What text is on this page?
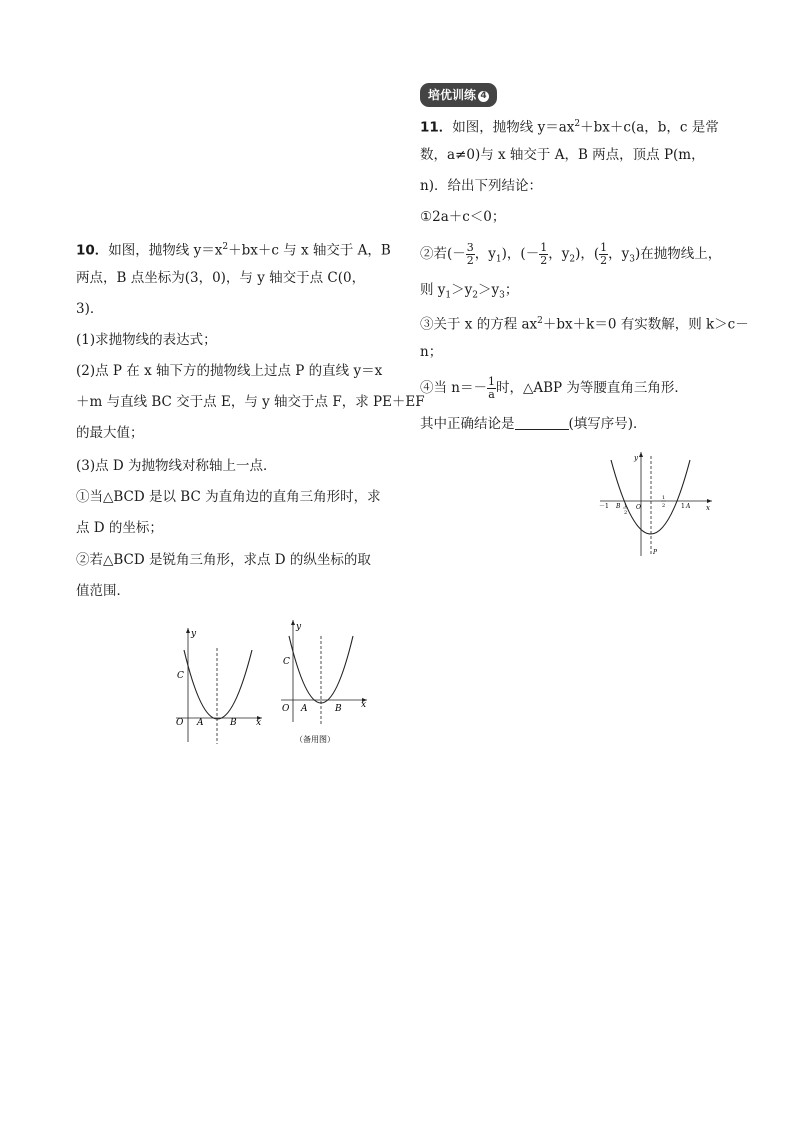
培优训练 4
11．如图，抛物线 $y=ax^2+bx+c(a$，b，c 是常
数，a≠0)与 x 轴交于 A，B 两点，顶点 P(m，
n)．给出下列结论：
①2a＋c＜0；
②若(－ $\frac{3}{2}$ ，$y_1$)，(－ $\frac{1}{2}$ ，$y_2$)，( $\frac{1}{2}$ ，$y_3$)在抛物线上，
则 $y_1>y_2>y_3$；
③关于 x 的方程 $ax^2+bx+k=0$ 有实数解，则 k＞c－
n；
④当 $n=- \frac{1}{a}$ 时，△ABP 为等腰直角三角形．
其中正确结论是	(填写序号)．
y
x
－1 B 1
2
O
1
2	1 A
P
10．如图，抛物线 $y=x^2+bx+c$ 与 x 轴交于 A，B
两点，B 点坐标为(3，0)，与 y 轴交于点 C(0，
3)．
(1)求抛物线的表达式；
(2)点 P 在 x 轴下方的抛物线上过点 P 的直线 y＝x
＋m 与直线 BC 交于点 E，与 y 轴交于点 F，求 PE＋EF
的最大值；
(3)点 D 为抛物线对称轴上一点．
①当△BCD 是以 BC 为直角边的直角三角形时，求
点 D 的坐标；
②若△BCD 是锐角三角形，求点 D 的纵坐标的取
值范围．
y
x
C
O A	B
y
x
C
O A	B
（备用图）
